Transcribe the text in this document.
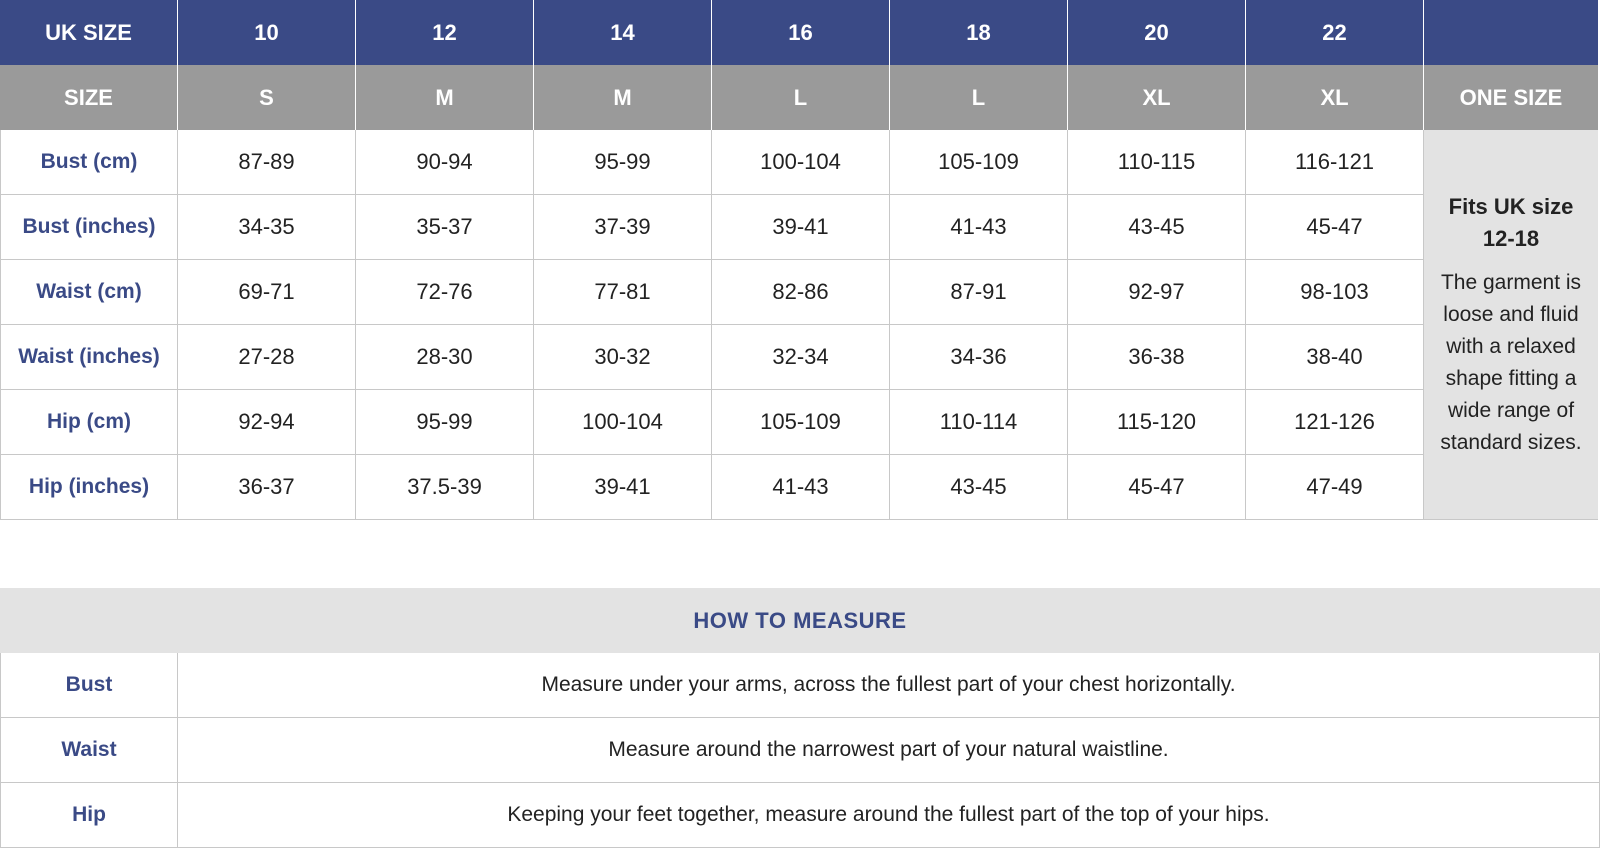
UK SIZE	10	12	14	16	18	20	22
SIZE	S	M	M	L	L	XL	XL	ONE SIZE
Bust (cm)	87-89	90-94	95-99	100-104	105-109	110-115	116-121
Fits UK size 12-18
The garment is loose and fluid with a relaxed shape fitting a wide range of standard sizes.
Bust (inches)	34-35	35-37	37-39	39-41	41-43	43-45	45-47
Waist (cm)	69-71	72-76	77-81	82-86	87-91	92-97	98-103
Waist (inches)	27-28	28-30	30-32	32-34	34-36	36-38	38-40
Hip (cm)	92-94	95-99	100-104	105-109	110-114	115-120	121-126
Hip (inches)	36-37	37.5-39	39-41	41-43	43-45	45-47	47-49
HOW TO MEASURE
Bust	Measure under your arms, across the fullest part of your chest horizontally.
Waist	Measure around the narrowest part of your natural waistline.
Hip	Keeping your feet together, measure around the fullest part of the top of your hips.
